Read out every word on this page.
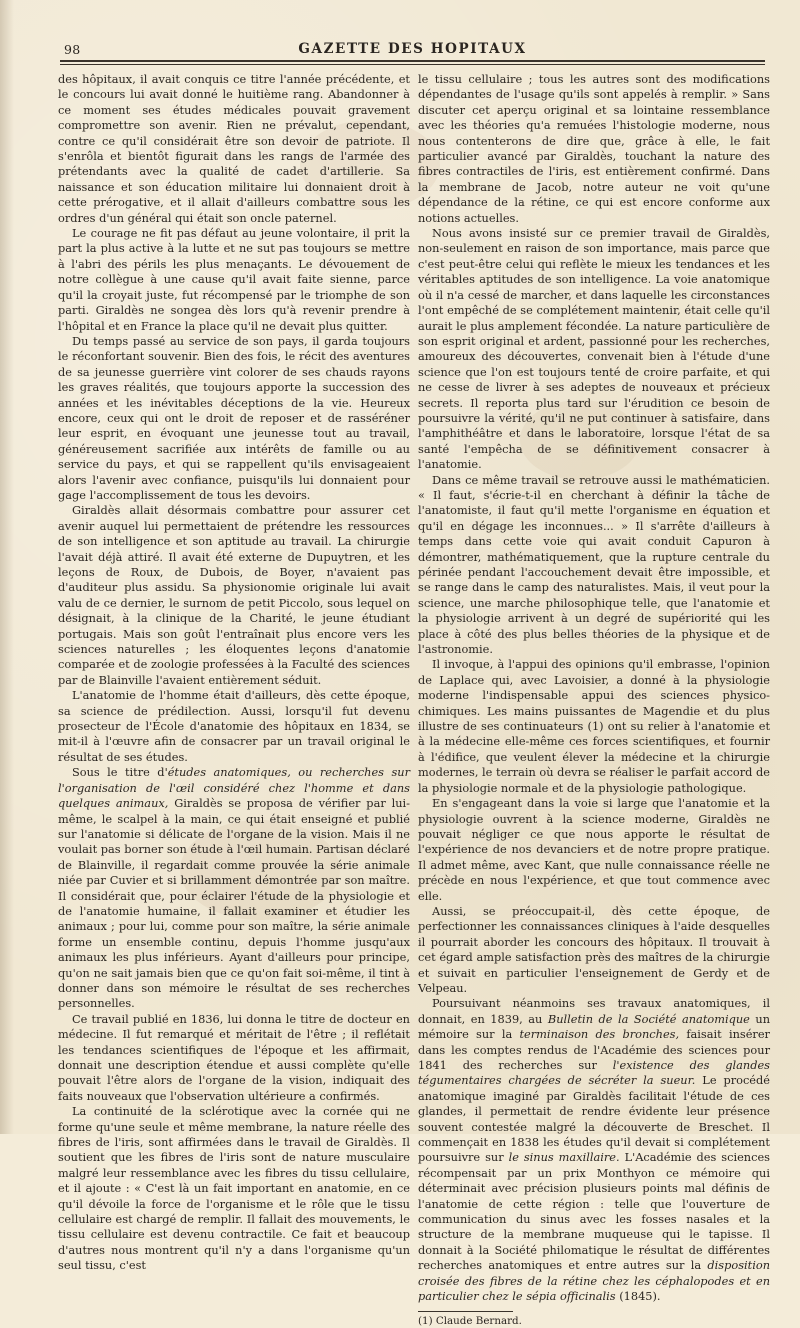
98	GAZETTE DES HOPITAUX

des hôpitaux, il avait conquis ce titre l'année précédente, et le concours lui avait donné le huitième rang. Abandonner à ce moment ses études médicales pouvait gravement compromettre son avenir. Rien ne prévalut, cependant, contre ce qu'il considérait être son devoir de patriote. Il s'enrôla et bientôt figurait dans les rangs de l'armée des prétendants avec la qualité de cadet d'artillerie. Sa naissance et son éducation militaire lui donnaient droit à cette prérogative, et il allait d'ailleurs combattre sous les ordres d'un général qui était son oncle paternel.

Le courage ne fit pas défaut au jeune volontaire, il prit la part la plus active à la lutte et ne sut pas toujours se mettre à l'abri des périls les plus menaçants. Le dévouement de notre collègue à une cause qu'il avait faite sienne, parce qu'il la croyait juste, fut récompensé par le triomphe de son parti. Giraldès ne songea dès lors qu'à revenir prendre à l'hôpital et en France la place qu'il ne devait plus quitter.

Du temps passé au service de son pays, il garda toujours le réconfortant souvenir. Bien des fois, le récit des aventures de sa jeunesse guerrière vint colorer de ses chauds rayons les graves réalités, que toujours apporte la succession des années et les inévitables déceptions de la vie. Heureux encore, ceux qui ont le droit de reposer et de rasséréner leur esprit, en évoquant une jeunesse tout au travail, généreusement sacrifiée aux intérêts de famille ou au service du pays, et qui se rappellent qu'ils envisageaient alors l'avenir avec confiance, puisqu'ils lui donnaient pour gage l'accomplissement de tous les devoirs.

Giraldès allait désormais combattre pour assurer cet avenir auquel lui permettaient de prétendre les ressources de son intelligence et son aptitude au travail. La chirurgie l'avait déjà attiré. Il avait été externe de Dupuytren, et les leçons de Roux, de Dubois, de Boyer, n'avaient pas d'auditeur plus assidu. Sa physionomie originale lui avait valu de ce dernier, le surnom de petit Piccolo, sous lequel on désignait, à la clinique de la Charité, le jeune étudiant portugais. Mais son goût l'entraînait plus encore vers les sciences naturelles ; les éloquentes leçons d'anatomie comparée et de zoologie professées à la Faculté des sciences par de Blainville l'avaient entièrement séduit.

L'anatomie de l'homme était d'ailleurs, dès cette époque, sa science de prédilection. Aussi, lorsqu'il fut devenu prosecteur de l'École d'anatomie des hôpitaux en 1834, se mit-il à l'œuvre afin de consacrer par un travail original le résultat de ses études.

Sous le titre d'études anatomiques, ou recherches sur l'organisation de l'œil considéré chez l'homme et dans quelques animaux, Giraldès se proposa de vérifier par lui-même, le scalpel à la main, ce qui était enseigné et publié sur l'anatomie si délicate de l'organe de la vision. Mais il ne voulait pas borner son étude à l'œil humain. Partisan déclaré de Blainville, il regardait comme prouvée la série animale niée par Cuvier et si brillamment démontrée par son maître. Il considérait que, pour éclairer l'étude de la physiologie et de l'anatomie humaine, il fallait examiner et étudier les animaux ; pour lui, comme pour son maître, la série animale forme un ensemble continu, depuis l'homme jusqu'aux animaux les plus inférieurs. Ayant d'ailleurs pour principe, qu'on ne sait jamais bien que ce qu'on fait soi-même, il tint à donner dans son mémoire le résultat de ses recherches personnelles.

Ce travail publié en 1836, lui donna le titre de docteur en médecine. Il fut remarqué et méritait de l'être ; il reflétait les tendances scientifiques de l'époque et les affirmait, donnait une description étendue et aussi complète qu'elle pouvait l'être alors de l'organe de la vision, indiquait des faits nouveaux que l'observation ultérieure a confirmés.

La continuité de la sclérotique avec la cornée qui ne forme qu'une seule et même membrane, la nature réelle des fibres de l'iris, sont affirmées dans le travail de Giraldès. Il soutient que les fibres de l'iris sont de nature musculaire malgré leur ressemblance avec les fibres du tissu cellulaire, et il ajoute : « C'est là un fait important en anatomie, en ce qu'il dévoile la force de l'organisme et le rôle que le tissu cellulaire est chargé de remplir. Il fallait des mouvements, le tissu cellulaire est devenu contractile. Ce fait et beaucoup d'autres nous montrent qu'il n'y a dans l'organisme qu'un seul tissu, c'est

le tissu cellulaire ; tous les autres sont des modifications dépendantes de l'usage qu'ils sont appelés à remplir. » Sans discuter cet aperçu original et sa lointaine ressemblance avec les théories qu'a remuées l'histologie moderne, nous nous contenterons de dire que, grâce à elle, le fait particulier avancé par Giraldès, touchant la nature des fibres contractiles de l'iris, est entièrement confirmé. Dans la membrane de Jacob, notre auteur ne voit qu'une dépendance de la rétine, ce qui est encore conforme aux notions actuelles.

Nous avons insisté sur ce premier travail de Giraldès, non-seulement en raison de son importance, mais parce que c'est peut-être celui qui reflète le mieux les tendances et les véritables aptitudes de son intelligence. La voie anatomique où il n'a cessé de marcher, et dans laquelle les circonstances l'ont empêché de se complétement maintenir, était celle qu'il aurait le plus amplement fécondée. La nature particulière de son esprit original et ardent, passionné pour les recherches, amoureux des découvertes, convenait bien à l'étude d'une science que l'on est toujours tenté de croire parfaite, et qui ne cesse de livrer à ses adeptes de nouveaux et précieux secrets. Il reporta plus tard sur l'érudition ce besoin de poursuivre la vérité, qu'il ne put continuer à satisfaire, dans l'amphithéâtre et dans le laboratoire, lorsque l'état de sa santé l'empêcha de se définitivement consacrer à l'anatomie.

Dans ce même travail se retrouve aussi le mathématicien. « Il faut, s'écrie-t-il en cherchant à définir la tâche de l'anatomiste, il faut qu'il mette l'organisme en équation et qu'il en dégage les inconnues... » Il s'arrête d'ailleurs à temps dans cette voie qui avait conduit Capuron à démontrer, mathématiquement, que la rupture centrale du périnée pendant l'accouchement devait être impossible, et se range dans le camp des naturalistes. Mais, il veut pour la science, une marche philosophique telle, que l'anatomie et la physiologie arrivent à un degré de supériorité qui les place à côté des plus belles théories de la physique et de l'astronomie.

Il invoque, à l'appui des opinions qu'il embrasse, l'opinion de Laplace qui, avec Lavoisier, a donné à la physiologie moderne l'indispensable appui des sciences physico-chimiques. Les mains puissantes de Magendie et du plus illustre de ses continuateurs (1) ont su relier à l'anatomie et à la médecine elle-même ces forces scientifiques, et fournir à l'édifice, que veulent élever la médecine et la chirurgie modernes, le terrain où devra se réaliser le parfait accord de la physiologie normale et de la physiologie pathologique.

En s'engageant dans la voie si large que l'anatomie et la physiologie ouvrent à la science moderne, Giraldès ne pouvait négliger ce que nous apporte le résultat de l'expérience de nos devanciers et de notre propre pratique. Il admet même, avec Kant, que nulle connaissance réelle ne précède en nous l'expérience, et que tout commence avec elle.

Aussi, se préoccupait-il, dès cette époque, de perfectionner les connaissances cliniques à l'aide desquelles il pourrait aborder les concours des hôpitaux. Il trouvait à cet égard ample satisfaction près des maîtres de la chirurgie et suivait en particulier l'enseignement de Gerdy et de Velpeau.

Poursuivant néanmoins ses travaux anatomiques, il donnait, en 1839, au Bulletin de la Société anatomique un mémoire sur la terminaison des bronches, faisait insérer dans les comptes rendus de l'Académie des sciences pour 1841 des recherches sur l'existence des glandes tégumentaires chargées de sécréter la sueur. Le procédé anatomique imaginé par Giraldès facilitait l'étude de ces glandes, il permettait de rendre évidente leur présence souvent contestée malgré la découverte de Breschet. Il commençait en 1838 les études qu'il devait si complétement poursuivre sur le sinus maxillaire. L'Académie des sciences récompensait par un prix Monthyon ce mémoire qui déterminait avec précision plusieurs points mal définis de l'anatomie de cette région : telle que l'ouverture de communication du sinus avec les fosses nasales et la structure de la membrane muqueuse qui le tapisse. Il donnait à la Société philomatique le résultat de différentes recherches anatomiques et entre autres sur la disposition croisée des fibres de la rétine chez les céphalopodes et en particulier chez le sépia officinalis (1845).

(1) Claude Bernard.
